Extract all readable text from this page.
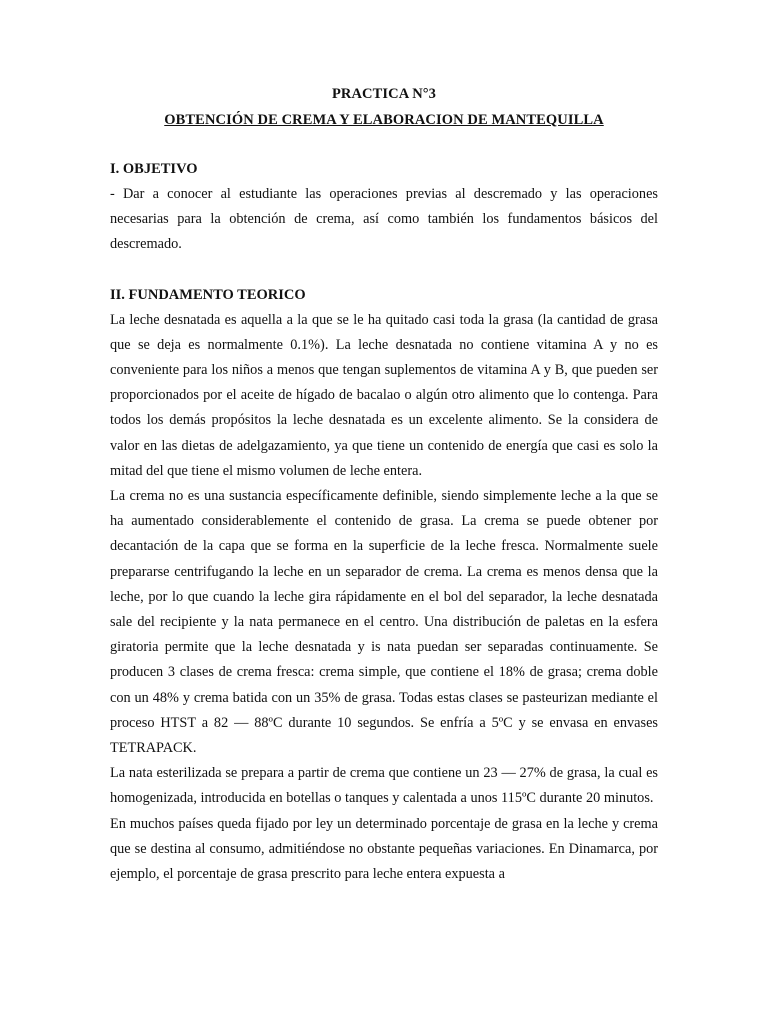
PRACTICA N°3

OBTENCIÓN DE CREMA Y ELABORACION DE MANTEQUILLA

I. OBJETIVO

- Dar a conocer al estudiante las operaciones previas al descremado y las operaciones necesarias para la obtención de crema, así como también los fundamentos básicos del descremado.

II. FUNDAMENTO TEORICO

La leche desnatada es aquella a la que se le ha quitado casi toda la grasa (la cantidad de grasa que se deja es normalmente 0.1%). La leche desnatada no contiene vitamina A y no es conveniente para los niños a menos que tengan suplementos de vitamina A y B, que pueden ser proporcionados por el aceite de hígado de bacalao o algún otro alimento que lo contenga. Para todos los demás propósitos la leche desnatada es un excelente alimento. Se la considera de valor en las dietas de adelgazamiento, ya que tiene un contenido de energía que casi es solo la mitad del que tiene el mismo volumen de leche entera.

La crema no es una sustancia específicamente definible, siendo simplemente leche a la que se ha aumentado considerablemente el contenido de grasa. La crema se puede obtener por decantación de la capa que se forma en la superficie de la leche fresca. Normalmente suele prepararse centrifugando la leche en un separador de crema. La crema es menos densa que la leche, por lo que cuando la leche gira rápidamente en el bol del separador, la leche desnatada sale del recipiente y la nata permanece en el centro. Una distribución de paletas en la esfera giratoria permite que la leche desnatada y is nata puedan ser separadas continuamente. Se producen 3 clases de crema fresca: crema simple, que contiene el 18% de grasa; crema doble con un 48% y crema batida con un 35% de grasa. Todas estas clases se pasteurizan mediante el proceso HTST a 82 — 88ºC durante 10 segundos. Se enfría a 5ºC y se envasa en envases TETRAPACK.

La nata esterilizada se prepara a partir de crema que contiene un 23 — 27% de grasa, la cual es homogenizada, introducida en botellas o tanques y calentada a unos 115ºC durante 20 minutos.

En muchos países queda fijado por ley un determinado porcentaje de grasa en la leche y crema que se destina al consumo, admitiéndose no obstante pequeñas variaciones. En Dinamarca, por ejemplo, el porcentaje de grasa prescrito para leche entera expuesta a
